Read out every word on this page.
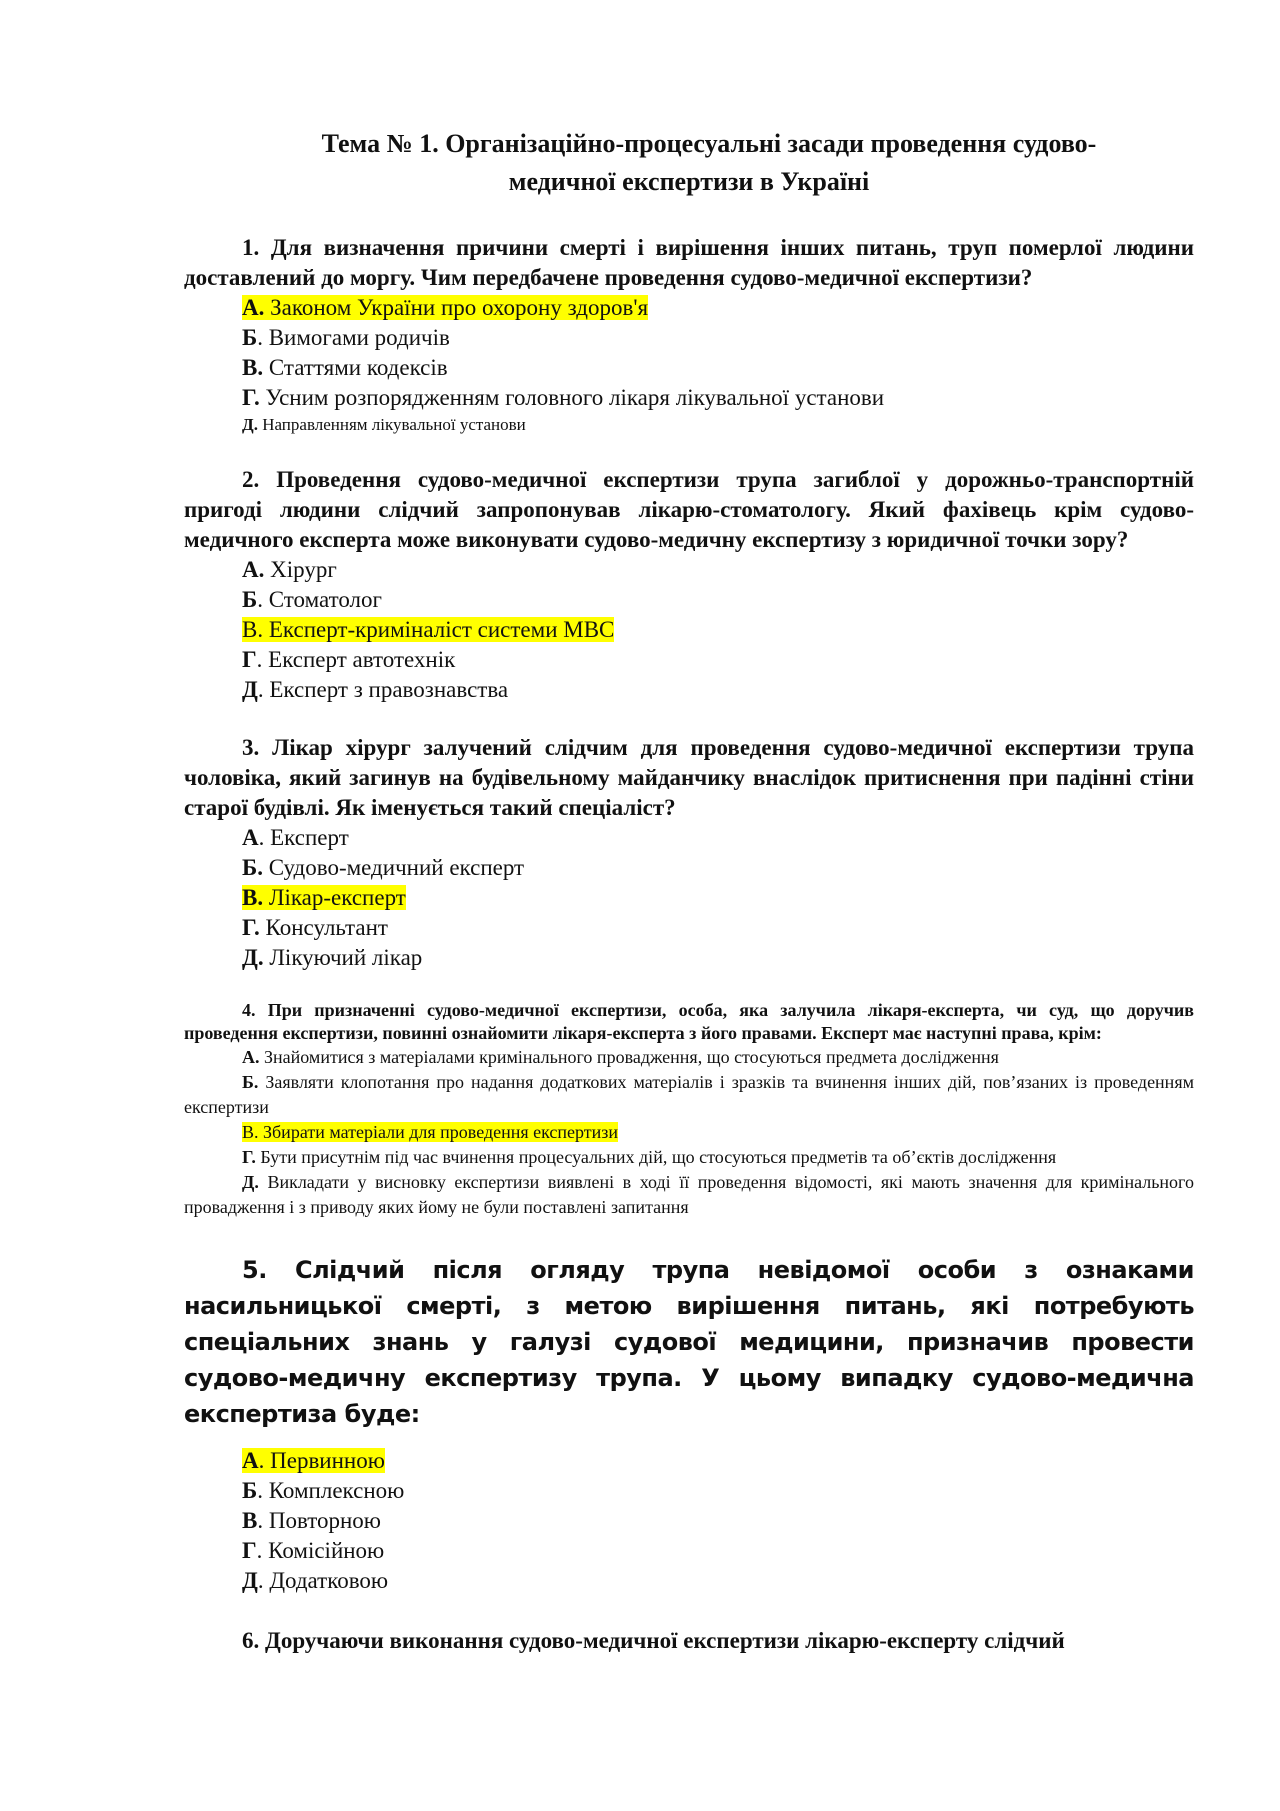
Тема № 1. Організаційно-процесуальні засади проведення судово-
медичної експертизи в Україні
1. Для визначення причини смерті і вирішення інших питань, труп померлої людини доставлений до моргу. Чим передбачене проведення судово-медичної експертизи?
А. Законом України про охорону здоров'я
Б. Вимогами родичів
В. Статтями кодексів
Г. Усним розпорядженням головного лікаря лікувальної установи
Д. Направленням лікувальної установи
2. Проведення судово-медичної експертизи трупа загиблої у дорожньо-транспортній пригоді людини слідчий запропонував лікарю-стоматологу. Який фахівець крім судово-медичного експерта може виконувати судово-медичну експертизу з юридичної точки зору?
А. Хірург
Б. Стоматолог
В. Експерт-криміналіст системи МВС
Г. Експерт автотехнік
Д. Експерт з правознавства
3. Лікар хірург залучений слідчим для проведення судово-медичної експертизи трупа чоловіка, який загинув на будівельному майданчику внаслідок притиснення при падінні стіни старої будівлі. Як іменується такий спеціаліст?
А. Експерт
Б. Судово-медичний експерт
В. Лікар-експерт
Г. Консультант
Д. Лікуючий лікар
4. При призначенні судово-медичної експертизи, особа, яка залучила лікаря-експерта, чи суд, що доручив проведення експертизи, повинні ознайомити лікаря-експерта з його правами. Експерт має наступні права, крім:
А. Знайомитися з матеріалами кримінального провадження, що стосуються предмета дослідження
Б. Заявляти клопотання про надання додаткових матеріалів і зразків та вчинення інших дій, пов’язаних із проведенням експертизи
В. Збирати матеріали для проведення експертизи
Г. Бути присутнім під час вчинення процесуальних дій, що стосуються предметів та об’єктів дослідження
Д. Викладати у висновку експертизи виявлені в ході її проведення відомості, які мають значення для кримінального провадження і з приводу яких йому не були поставлені запитання
5. Слідчий після огляду трупа невідомої особи з ознаками насильницької смерті, з метою вирішення питань, які потребують спеціальних знань у галузі судової медицини, призначив провести судово-медичну експертизу трупа. У цьому випадку судово-медична експертиза буде:
А. Первинною
Б. Комплексною
В. Повторною
Г. Комісійною
Д. Додатковою
6. Доручаючи виконання судово-медичної експертизи лікарю-експерту слідчий
